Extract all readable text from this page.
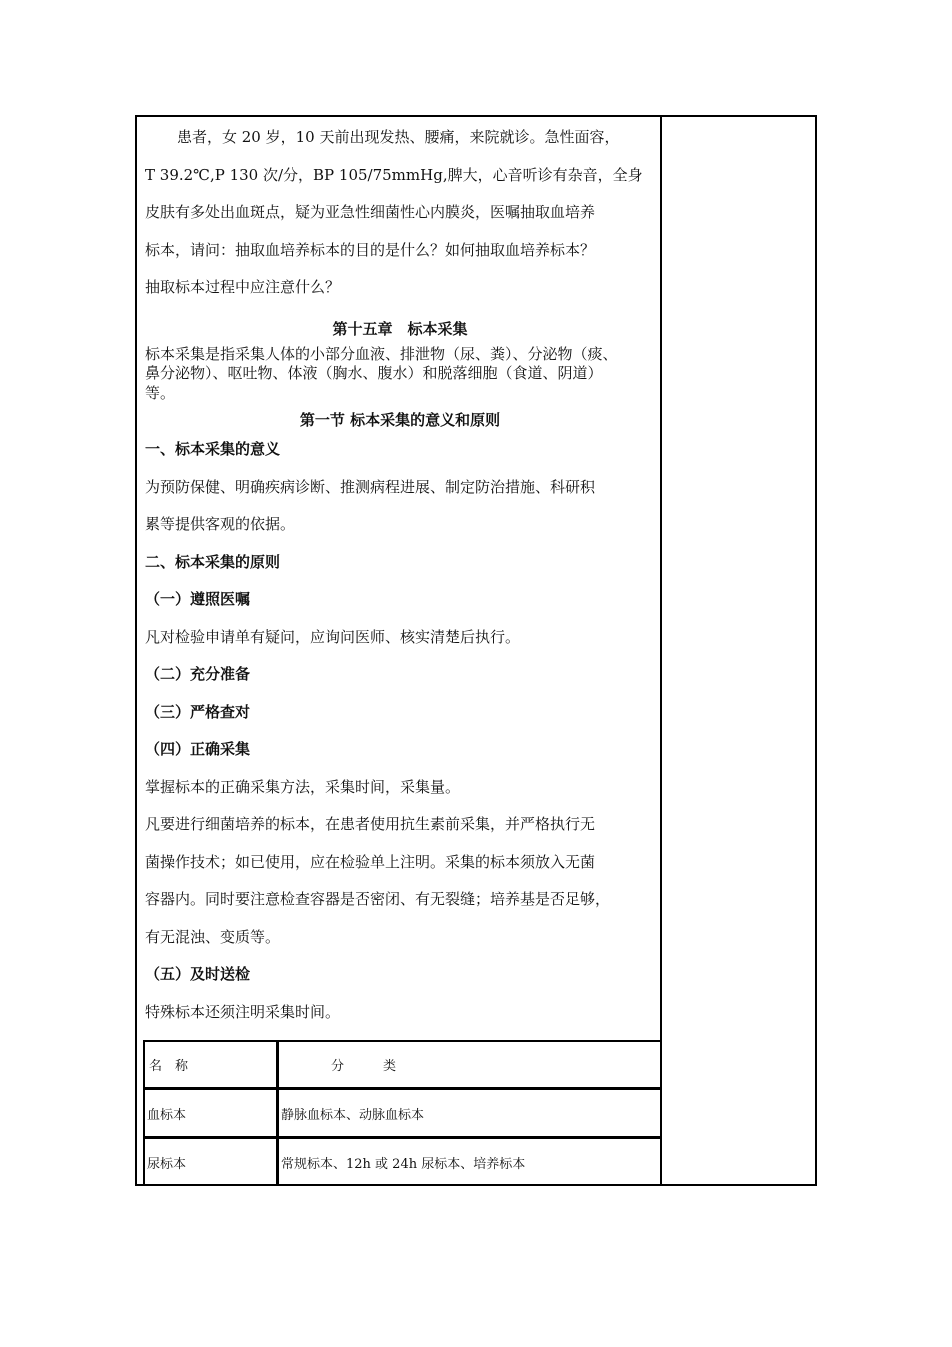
患者，女 20 岁，10 天前出现发热、腰痛，来院就诊。急性面容，

T 39.2℃,P 130 次/分，BP 105/75mmHg,脾大，心音听诊有杂音，全身

皮肤有多处出血斑点，疑为亚急性细菌性心内膜炎，医嘱抽取血培养

标本，请问：抽取血培养标本的目的是什么？如何抽取血培养标本？

抽取标本过程中应注意什么？

第十五章　标本采集

标本采集是指采集人体的小部分血液、排泄物（尿、粪）、分泌物（痰、

鼻分泌物）、呕吐物、体液（胸水、腹水）和脱落细胞（食道、阴道）

等。

第一节 标本采集的意义和原则

一、标本采集的意义

为预防保健、明确疾病诊断、推测病程进展、制定防治措施、科研积

累等提供客观的依据。

二、标本采集的原则

（一）遵照医嘱

凡对检验申请单有疑问，应询问医师、核实清楚后执行。

（二）充分准备

（三）严格查对

（四）正确采集

掌握标本的正确采集方法，采集时间，采集量。

凡要进行细菌培养的标本，在患者使用抗生素前采集，并严格执行无

菌操作技术；如已使用，应在检验单上注明。采集的标本须放入无菌

容器内。同时要注意检查容器是否密闭、有无裂缝；培养基是否足够，

有无混浊、变质等。

（五）及时送检

特殊标本还须注明采集时间。

名　称	分　　　类
血标本	静脉血标本、动脉血标本
尿标本	常规标本、12h 或 24h 尿标本、培养标本
